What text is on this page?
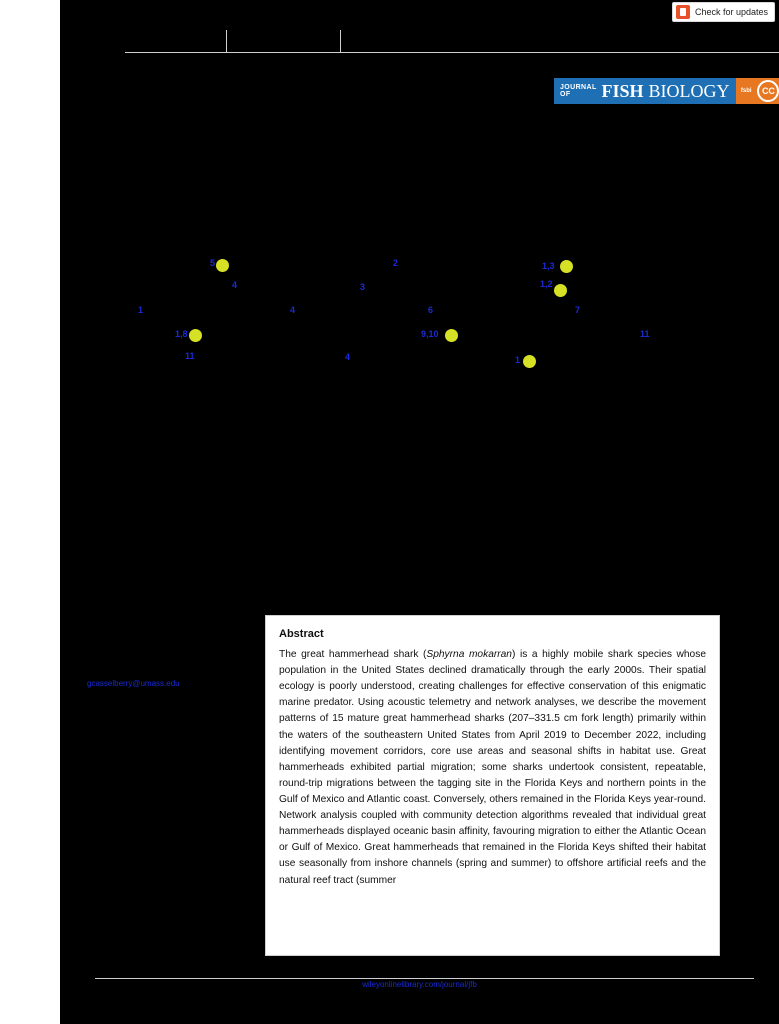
JOURNAL OF	FISH BIOLOGY	fsbi	CC
5
4
1
1,8
11
2
3
4
4
6
9,10
1,3
1,2
7
11
1
gcasselberry@umass.edu
Abstract

The great hammerhead shark (Sphyrna mokarran) is a highly mobile shark species whose population in the United States declined dramatically through the early 2000s. Their spatial ecology is poorly understood, creating challenges for effective conservation of this enigmatic marine predator. Using acoustic telemetry and network analyses, we describe the movement patterns of 15 mature great hammerhead sharks (207–331.5 cm fork length) primarily within the waters of the southeastern United States from April 2019 to December 2022, including identifying movement corridors, core use areas and seasonal shifts in habitat use. Great hammerheads exhibited partial migration; some sharks undertook consistent, repeatable, round-trip migrations between the tagging site in the Florida Keys and northern points in the Gulf of Mexico and Atlantic coast. Conversely, others remained in the Florida Keys year-round. Network analysis coupled with community detection algorithms revealed that individual great hammerheads displayed oceanic basin affinity, favouring migration to either the Atlantic Ocean or Gulf of Mexico. Great hammerheads that remained in the Florida Keys shifted their habitat use seasonally from inshore channels (spring and summer) to offshore artificial reefs and the natural reef tract (summer

wileyonlinelibrary.com/journal/jfb
Check for updates
